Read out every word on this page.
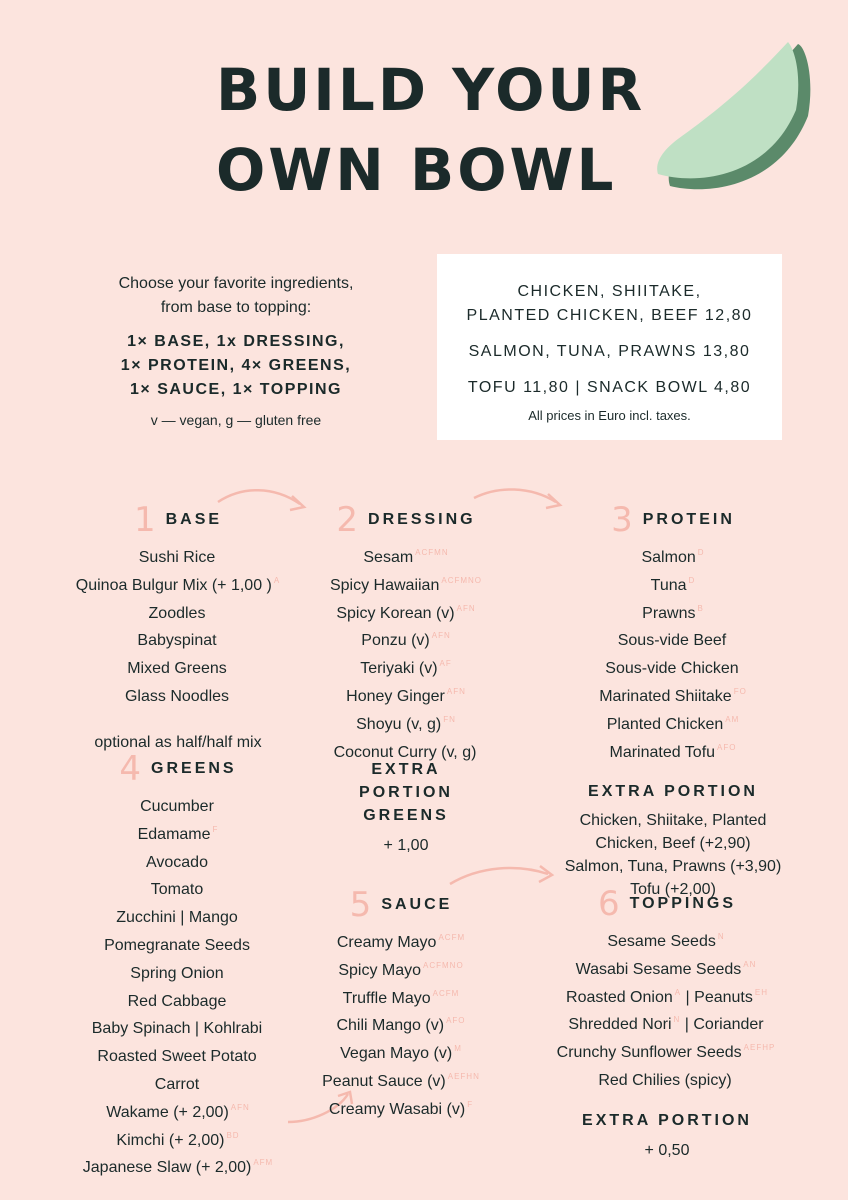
BUILD YOUR
OWN BOWL
Choose your favorite ingredients,
from base to topping:
1× BASE, 1x DRESSING,
1× PROTEIN, 4× GREENS,
1× SAUCE, 1× TOPPING
v — vegan, g — gluten free
CHICKEN, SHIITAKE,
PLANTED CHICKEN, BEEF 12,80
SALMON, TUNA, PRAWNS 13,80
TOFU 11,80 | SNACK BOWL 4,80
All prices in Euro incl. taxes.
1 BASE
Sushi Rice
Quinoa Bulgur Mix (+ 1,00 ) $^A$
Zoodles
Babyspinat
Mixed Greens
Glass Noodles
optional as half/half mix
2 DRESSING
Sesam $^{ACFMN}$
Spicy Hawaiian $^{ACFMNO}$
Spicy Korean (v) $^{AFN}$
Ponzu (v) $^{AFN}$
Teriyaki (v) $^{AF}$
Honey Ginger $^{AFN}$
Shoyu (v, g) $^{FN}$
Coconut Curry (v, g)
3 PROTEIN
Salmon $^D$
Tuna $^D$
Prawns $^B$
Sous-vide Beef
Sous-vide Chicken
Marinated Shiitake $^{FO}$
Planted Chicken $^{AM}$
Marinated Tofu $^{AFO}$
EXTRA PORTION
Chicken, Shiitake, Planted
Chicken, Beef (+2,90)
Salmon, Tuna, Prawns (+3,90)
Tofu (+2,00)
4 GREENS
Cucumber
Edamame $^F$
Avocado
Tomato
Zucchini | Mango
Pomegranate Seeds
Spring Onion
Red Cabbage
Baby Spinach | Kohlrabi
Roasted Sweet Potato
Carrot
Wakame (+ 2,00) $^{AFN}$
Kimchi (+ 2,00) $^{BD}$
Japanese Slaw (+ 2,00) $^{AFM}$
EXTRA
PORTION
GREENS
+ 1,00
5 SAUCE
Creamy Mayo $^{ACFM}$
Spicy Mayo $^{ACFMNO}$
Truffle Mayo $^{ACFM}$
Chili Mango (v) $^{AFO}$
Vegan Mayo (v) $^M$
Peanut Sauce (v) $^{AEFHN}$
Creamy Wasabi (v) $^F$
6 TOPPINGS
Sesame Seeds $^N$
Wasabi Sesame Seeds $^{AN}$
Roasted Onion $^A$ | Peanuts $^{EH}$
Shredded Nori $^N$ | Coriander
Crunchy Sunflower Seeds $^{AEFHP}$
Red Chilies (spicy)
EXTRA PORTION
+ 0,50
